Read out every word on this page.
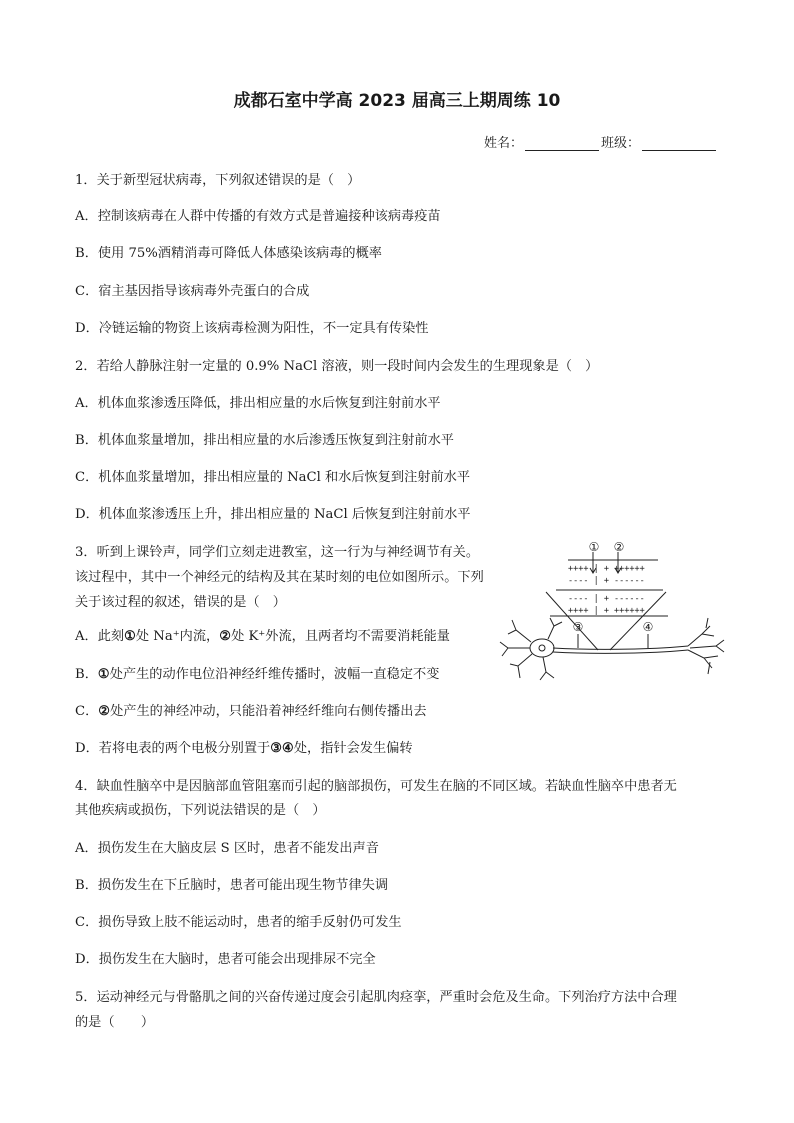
成都石室中学高 2023 届高三上期周练 10
姓名：	班级：
1．关于新型冠状病毒，下列叙述错误的是（　）
A．控制该病毒在人群中传播的有效方式是普遍接种该病毒疫苗
B．使用 75%酒精消毒可降低人体感染该病毒的概率
C．宿主基因指导该病毒外壳蛋白的合成
D．冷链运输的物资上该病毒检测为阳性，不一定具有传染性
2．若给人静脉注射一定量的 0.9% NaCl 溶液，则一段时间内会发生的生理现象是（　）
A．机体血浆渗透压降低，排出相应量的水后恢复到注射前水平
B．机体血浆量增加，排出相应量的水后渗透压恢复到注射前水平
C．机体血浆量增加，排出相应量的 NaCl 和水后恢复到注射前水平
D．机体血浆渗透压上升，排出相应量的 NaCl 后恢复到注射前水平
3．听到上课铃声，同学们立刻走进教室，这一行为与神经调节有关。该过程中，其中一个神经元的结构及其在某时刻的电位如图所示。下列关于该过程的叙述，错误的是（　）
A．此刻①处 Na⁺内流，②处 K⁺外流，且两者均不需要消耗能量
B．①处产生的动作电位沿神经纤维传播时，波幅一直稳定不变
C．②处产生的神经冲动，只能沿着神经纤维向右侧传播出去
D．若将电表的两个电极分别置于③④处，指针会发生偏转
++++ | + ++++++
---- | + ------
---- | + ------
++++ | + ++++++
① ②
③	④
4．缺血性脑卒中是因脑部血管阻塞而引起的脑部损伤，可发生在脑的不同区域。若缺血性脑卒中患者无
其他疾病或损伤，下列说法错误的是（　）
A．损伤发生在大脑皮层 S 区时，患者不能发出声音
B．损伤发生在下丘脑时，患者可能出现生物节律失调
C．损伤导致上肢不能运动时，患者的缩手反射仍可发生
D．损伤发生在大脑时，患者可能会出现排尿不完全
5．运动神经元与骨骼肌之间的兴奋传递过度会引起肌肉痉挛，严重时会危及生命。下列治疗方法中合理
的是（　　）
